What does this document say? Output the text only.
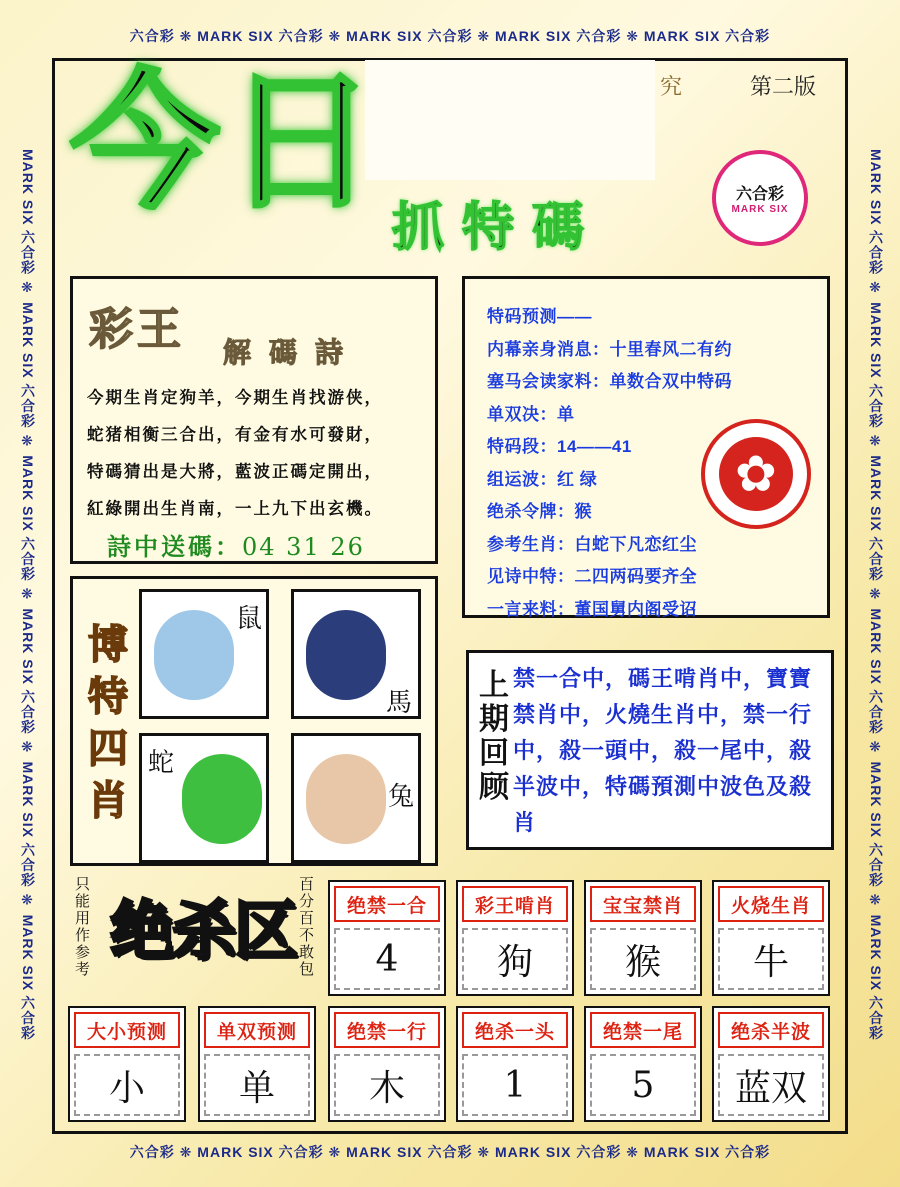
六合彩 ❋ MARK SIX 六合彩 ❋ MARK SIX 六合彩 ❋ MARK SIX 六合彩 ❋ MARK SIX 六合彩
六合彩 ❋ MARK SIX 六合彩 ❋ MARK SIX 六合彩 ❋ MARK SIX 六合彩 ❋ MARK SIX 六合彩
MARK SIX 六合彩 ❋ MARK SIX 六合彩 ❋ MARK SIX 六合彩 ❋ MARK SIX 六合彩 ❋ MARK SIX 六合彩 ❋ MARK SIX 六合彩	MARK SIX 六合彩 ❋ MARK SIX 六合彩 ❋ MARK SIX 六合彩 ❋ MARK SIX 六合彩 ❋ MARK SIX 六合彩 ❋ MARK SIX 六合彩
究	第二版
今日 抓特碼
六合彩
MARK SIX
彩王 解碼詩
今期生肖定狗羊，今期生肖找游侠，
蛇猪相衡三合出，有金有水可發財，
特碼猜出是大將，藍波正碼定開出，
紅綠開出生肖南，一上九下出玄機。
詩中送碼：04 31 26
特码预测——
内幕亲身消息：十里春风二有约
塞马会读家料：单数合双中特码
单双决：单
特码段：14——41
组运波：红 绿
绝杀令牌：猴
参考生肖：白蛇下凡恋红尘
见诗中特：二四两码要齐全
一言来料：董国舅内阁受诏
✿
博特四肖
鼠
馬
蛇
兔
上期回顾
禁一合中，碼王啃肖中，寶寶禁肖中，火燒生肖中，禁一行中，殺一頭中，殺一尾中，殺半波中，特碼預測中波色及殺肖
只能用作参考 绝杀区 百分百不敢包	绝禁一合
4
彩王啃肖
狗
宝宝禁肖
猴
火烧生肖
牛
大小预测
小
单双预测
单
绝禁一行
木
绝杀一头
1
绝禁一尾
5
绝杀半波
蓝双
